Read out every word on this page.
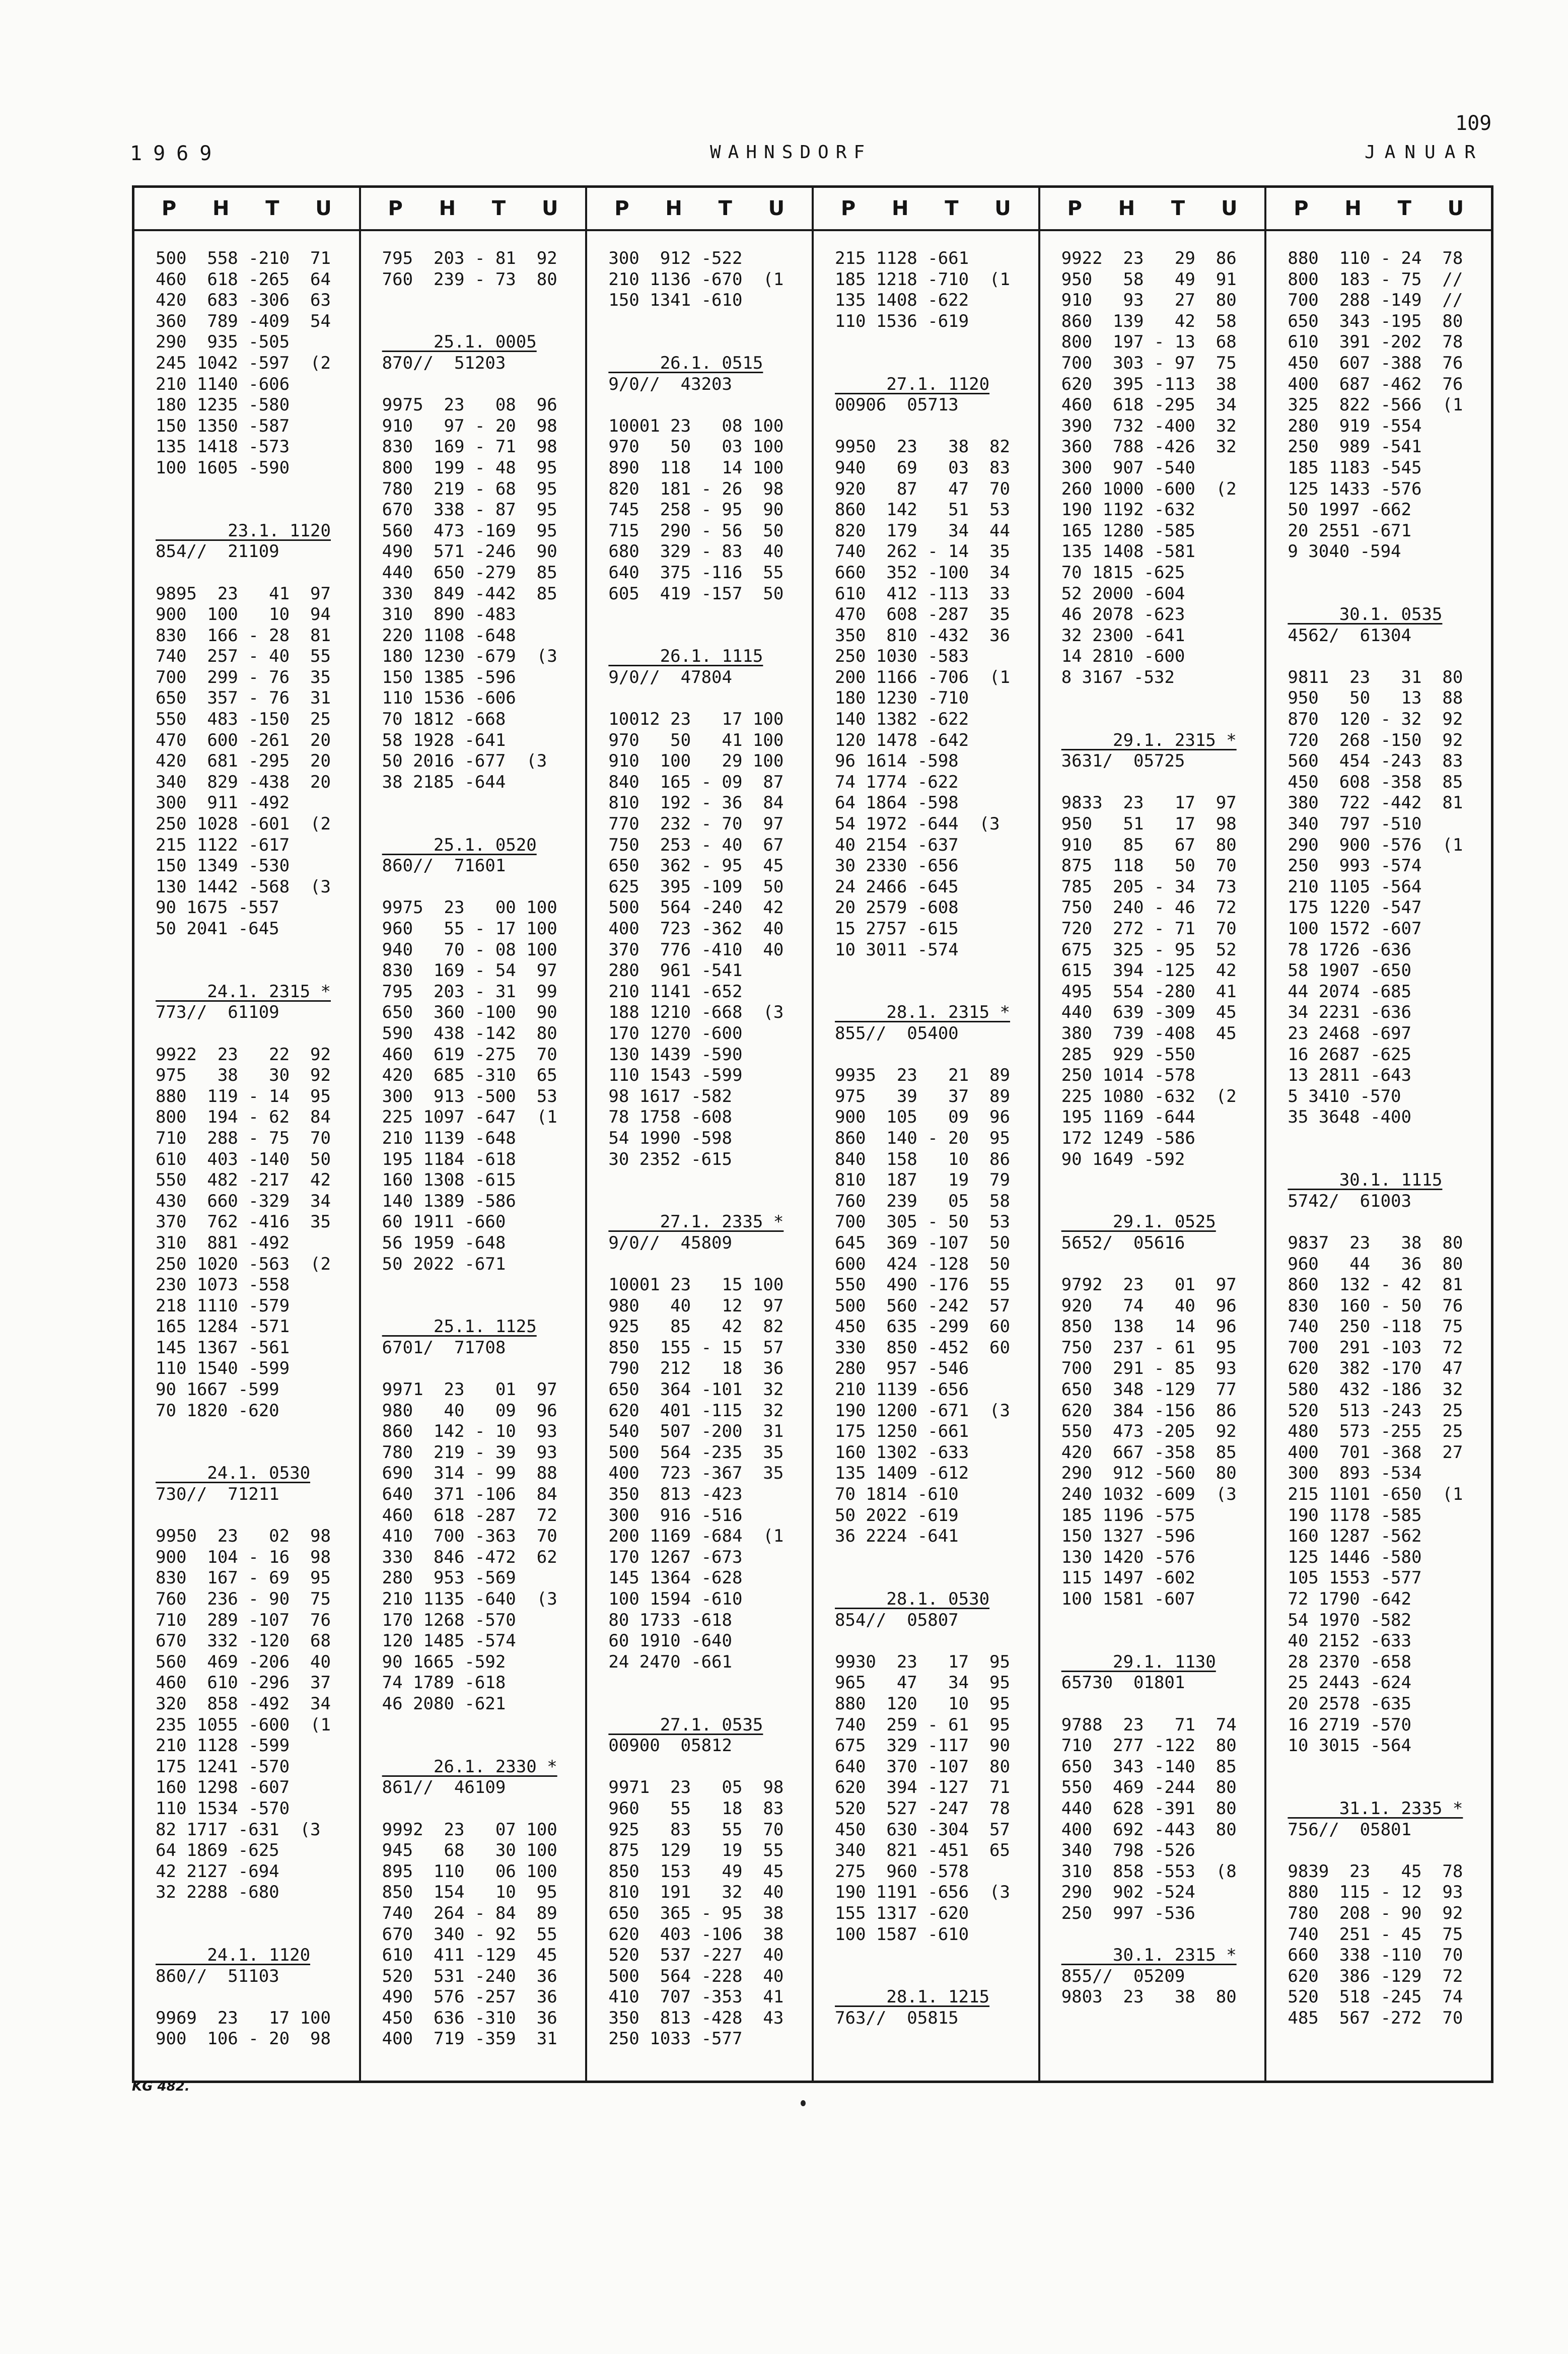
109
1969	WAHNSDORF	JANUAR
P H T U
500  558 -210  71
460  618 -265  64
420  683 -306  63
360  789 -409  54
290  935 -505
245 1042 -597  (2
210 1140 -606
180 1235 -580
150 1350 -587
135 1418 -573
100 1605 -590
23.1. 1120
854//  21109
9895  23   41  97
900  100   10  94
830  166 - 28  81
740  257 - 40  55
700  299 - 76  35
650  357 - 76  31
550  483 -150  25
470  600 -261  20
420  681 -295  20
340  829 -438  20
300  911 -492
250 1028 -601  (2
215 1122 -617
150 1349 -530
130 1442 -568  (3
90 1675 -557
50 2041 -645
24.1. 2315 *
773//  61109
9922  23   22  92
975   38   30  92
880  119 - 14  95
800  194 - 62  84
710  288 - 75  70
610  403 -140  50
550  482 -217  42
430  660 -329  34
370  762 -416  35
310  881 -492
250 1020 -563  (2
230 1073 -558
218 1110 -579
165 1284 -571
145 1367 -561
110 1540 -599
90 1667 -599
70 1820 -620
24.1. 0530
730//  71211
9950  23   02  98
900  104 - 16  98
830  167 - 69  95
760  236 - 90  75
710  289 -107  76
670  332 -120  68
560  469 -206  40
460  610 -296  37
320  858 -492  34
235 1055 -600  (1
210 1128 -599
175 1241 -570
160 1298 -607
110 1534 -570
82 1717 -631  (3
64 1869 -625
42 2127 -694
32 2288 -680
24.1. 1120
860//  51103
9969  23   17 100
900  106 - 20  98
P H T U
795  203 - 81  92
760  239 - 73  80
25.1. 0005
870//  51203
9975  23   08  96
910   97 - 20  98
830  169 - 71  98
800  199 - 48  95
780  219 - 68  95
670  338 - 87  95
560  473 -169  95
490  571 -246  90
440  650 -279  85
330  849 -442  85
310  890 -483
220 1108 -648
180 1230 -679  (3
150 1385 -596
110 1536 -606
70 1812 -668
58 1928 -641
50 2016 -677  (3
38 2185 -644
25.1. 0520
860//  71601
9975  23   00 100
960   55 - 17 100
940   70 - 08 100
830  169 - 54  97
795  203 - 31  99
650  360 -100  90
590  438 -142  80
460  619 -275  70
420  685 -310  65
300  913 -500  53
225 1097 -647  (1
210 1139 -648
195 1184 -618
160 1308 -615
140 1389 -586
60 1911 -660
56 1959 -648
50 2022 -671
25.1. 1125
6701/  71708
9971  23   01  97
980   40   09  96
860  142 - 10  93
780  219 - 39  93
690  314 - 99  88
640  371 -106  84
460  618 -287  72
410  700 -363  70
330  846 -472  62
280  953 -569
210 1135 -640  (3
170 1268 -570
120 1485 -574
90 1665 -592
74 1789 -618
46 2080 -621
26.1. 2330 *
861//  46109
9992  23   07 100
945   68   30 100
895  110   06 100
850  154   10  95
740  264 - 84  89
670  340 - 92  55
610  411 -129  45
520  531 -240  36
490  576 -257  36
450  636 -310  36
400  719 -359  31
P H T U
300  912 -522
210 1136 -670  (1
150 1341 -610
26.1. 0515
9/0//  43203
10001 23   08 100
970   50   03 100
890  118   14 100
820  181 - 26  98
745  258 - 95  90
715  290 - 56  50
680  329 - 83  40
640  375 -116  55
605  419 -157  50
26.1. 1115
9/0//  47804
10012 23   17 100
970   50   41 100
910  100   29 100
840  165 - 09  87
810  192 - 36  84
770  232 - 70  97
750  253 - 40  67
650  362 - 95  45
625  395 -109  50
500  564 -240  42
400  723 -362  40
370  776 -410  40
280  961 -541
210 1141 -652
188 1210 -668  (3
170 1270 -600
130 1439 -590
110 1543 -599
98 1617 -582
78 1758 -608
54 1990 -598
30 2352 -615
27.1. 2335 *
9/0//  45809
10001 23   15 100
980   40   12  97
925   85   42  82
850  155 - 15  57
790  212   18  36
650  364 -101  32
620  401 -115  32
540  507 -200  31
500  564 -235  35
400  723 -367  35
350  813 -423
300  916 -516
200 1169 -684  (1
170 1267 -673
145 1364 -628
100 1594 -610
80 1733 -618
60 1910 -640
24 2470 -661
27.1. 0535
00900  05812
9971  23   05  98
960   55   18  83
925   83   55  70
875  129   19  55
850  153   49  45
810  191   32  40
650  365 - 95  38
620  403 -106  38
520  537 -227  40
500  564 -228  40
410  707 -353  41
350  813 -428  43
250 1033 -577
P H T U
215 1128 -661
185 1218 -710  (1
135 1408 -622
110 1536 -619
27.1. 1120
00906  05713
9950  23   38  82
940   69   03  83
920   87   47  70
860  142   51  53
820  179   34  44
740  262 - 14  35
660  352 -100  34
610  412 -113  33
470  608 -287  35
350  810 -432  36
250 1030 -583
200 1166 -706  (1
180 1230 -710
140 1382 -622
120 1478 -642
96 1614 -598
74 1774 -622
64 1864 -598
54 1972 -644  (3
40 2154 -637
30 2330 -656
24 2466 -645
20 2579 -608
15 2757 -615
10 3011 -574
28.1. 2315 *
855//  05400
9935  23   21  89
975   39   37  89
900  105   09  96
860  140 - 20  95
840  158   10  86
810  187   19  79
760  239   05  58
700  305 - 50  53
645  369 -107  50
600  424 -128  50
550  490 -176  55
500  560 -242  57
450  635 -299  60
330  850 -452  60
280  957 -546
210 1139 -656
190 1200 -671  (3
175 1250 -661
160 1302 -633
135 1409 -612
70 1814 -610
50 2022 -619
36 2224 -641
28.1. 0530
854//  05807
9930  23   17  95
965   47   34  95
880  120   10  95
740  259 - 61  95
675  329 -117  90
640  370 -107  80
620  394 -127  71
520  527 -247  78
450  630 -304  57
340  821 -451  65
275  960 -578
190 1191 -656  (3
155 1317 -620
100 1587 -610
28.1. 1215
763//  05815
P H T U
9922  23   29  86
950   58   49  91
910   93   27  80
860  139   42  58
800  197 - 13  68
700  303 - 97  75
620  395 -113  38
460  618 -295  34
390  732 -400  32
360  788 -426  32
300  907 -540
260 1000 -600  (2
190 1192 -632
165 1280 -585
135 1408 -581
70 1815 -625
52 2000 -604
46 2078 -623
32 2300 -641
14 2810 -600
8 3167 -532
29.1. 2315 *
3631/  05725
9833  23   17  97
950   51   17  98
910   85   67  80
875  118   50  70
785  205 - 34  73
750  240 - 46  72
720  272 - 71  70
675  325 - 95  52
615  394 -125  42
495  554 -280  41
440  639 -309  45
380  739 -408  45
285  929 -550
250 1014 -578
225 1080 -632  (2
195 1169 -644
172 1249 -586
90 1649 -592
29.1. 0525
5652/  05616
9792  23   01  97
920   74   40  96
850  138   14  96
750  237 - 61  95
700  291 - 85  93
650  348 -129  77
620  384 -156  86
550  473 -205  92
420  667 -358  85
290  912 -560  80
240 1032 -609  (3
185 1196 -575
150 1327 -596
130 1420 -576
115 1497 -602
100 1581 -607
29.1. 1130
65730  01801
9788  23   71  74
710  277 -122  80
650  343 -140  85
550  469 -244  80
440  628 -391  80
400  692 -443  80
340  798 -526
310  858 -553  (8
290  902 -524
250  997 -536
30.1. 2315 *
855//  05209
9803  23   38  80
P H T U
880  110 - 24  78
800  183 - 75  //
700  288 -149  //
650  343 -195  80
610  391 -202  78
450  607 -388  76
400  687 -462  76
325  822 -566  (1
280  919 -554
250  989 -541
185 1183 -545
125 1433 -576
50 1997 -662
20 2551 -671
9 3040 -594
30.1. 0535
4562/  61304
9811  23   31  80
950   50   13  88
870  120 - 32  92
720  268 -150  92
560  454 -243  83
450  608 -358  85
380  722 -442  81
340  797 -510
290  900 -576  (1
250  993 -574
210 1105 -564
175 1220 -547
100 1572 -607
78 1726 -636
58 1907 -650
44 2074 -685
34 2231 -636
23 2468 -697
16 2687 -625
13 2811 -643
5 3410 -570
35 3648 -400
30.1. 1115
5742/  61003
9837  23   38  80
960   44   36  80
860  132 - 42  81
830  160 - 50  76
740  250 -118  75
700  291 -103  72
620  382 -170  47
580  432 -186  32
520  513 -243  25
480  573 -255  25
400  701 -368  27
300  893 -534
215 1101 -650  (1
190 1178 -585
160 1287 -562
125 1446 -580
105 1553 -577
72 1790 -642
54 1970 -582
40 2152 -633
28 2370 -658
25 2443 -624
20 2578 -635
16 2719 -570
10 3015 -564
31.1. 2335 *
756//  05801
9839  23   45  78
880  115 - 12  93
780  208 - 90  92
740  251 - 45  75
660  338 -110  70
620  386 -129  72
520  518 -245  74
485  567 -272  70
KG 482.
